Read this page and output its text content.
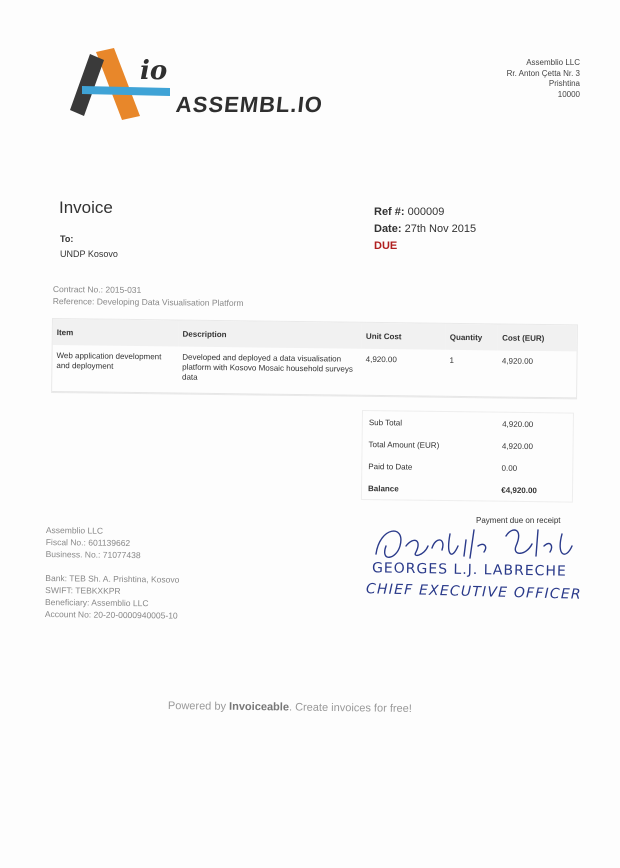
io
ASSEMBL.IO
Assemblio LLC
Rr. Anton Çetta Nr. 3
Prishtina
10000
Invoice
To:
UNDP Kosovo
Ref #: 000009
Date: 27th Nov 2015
DUE
Contract No.: 2015-031
Reference: Developing Data Visualisation Platform
Item	Description	Unit Cost	Quantity	Cost (EUR)
Web application development and deployment	Developed and deployed a data visualisation platform with Kosovo Mosaic household surveys data	4,920.00	1	4,920.00
Sub Total	4,920.00
Total Amount (EUR)	4,920.00
Paid to Date	0.00
Balance	€4,920.00
Assemblio LLC
Fiscal No.: 601139662
Business. No.: 71077438
Bank: TEB Sh. A. Prishtina, Kosovo
SWIFT: TEBKXKPR
Beneficiary: Assemblio LLC
Account No: 20-20-0000940005-10
Payment due on receipt
GEORGES L.J. LABRECHE
CHIEF EXECUTIVE OFFICER
Powered by Invoiceable. Create invoices for free!
